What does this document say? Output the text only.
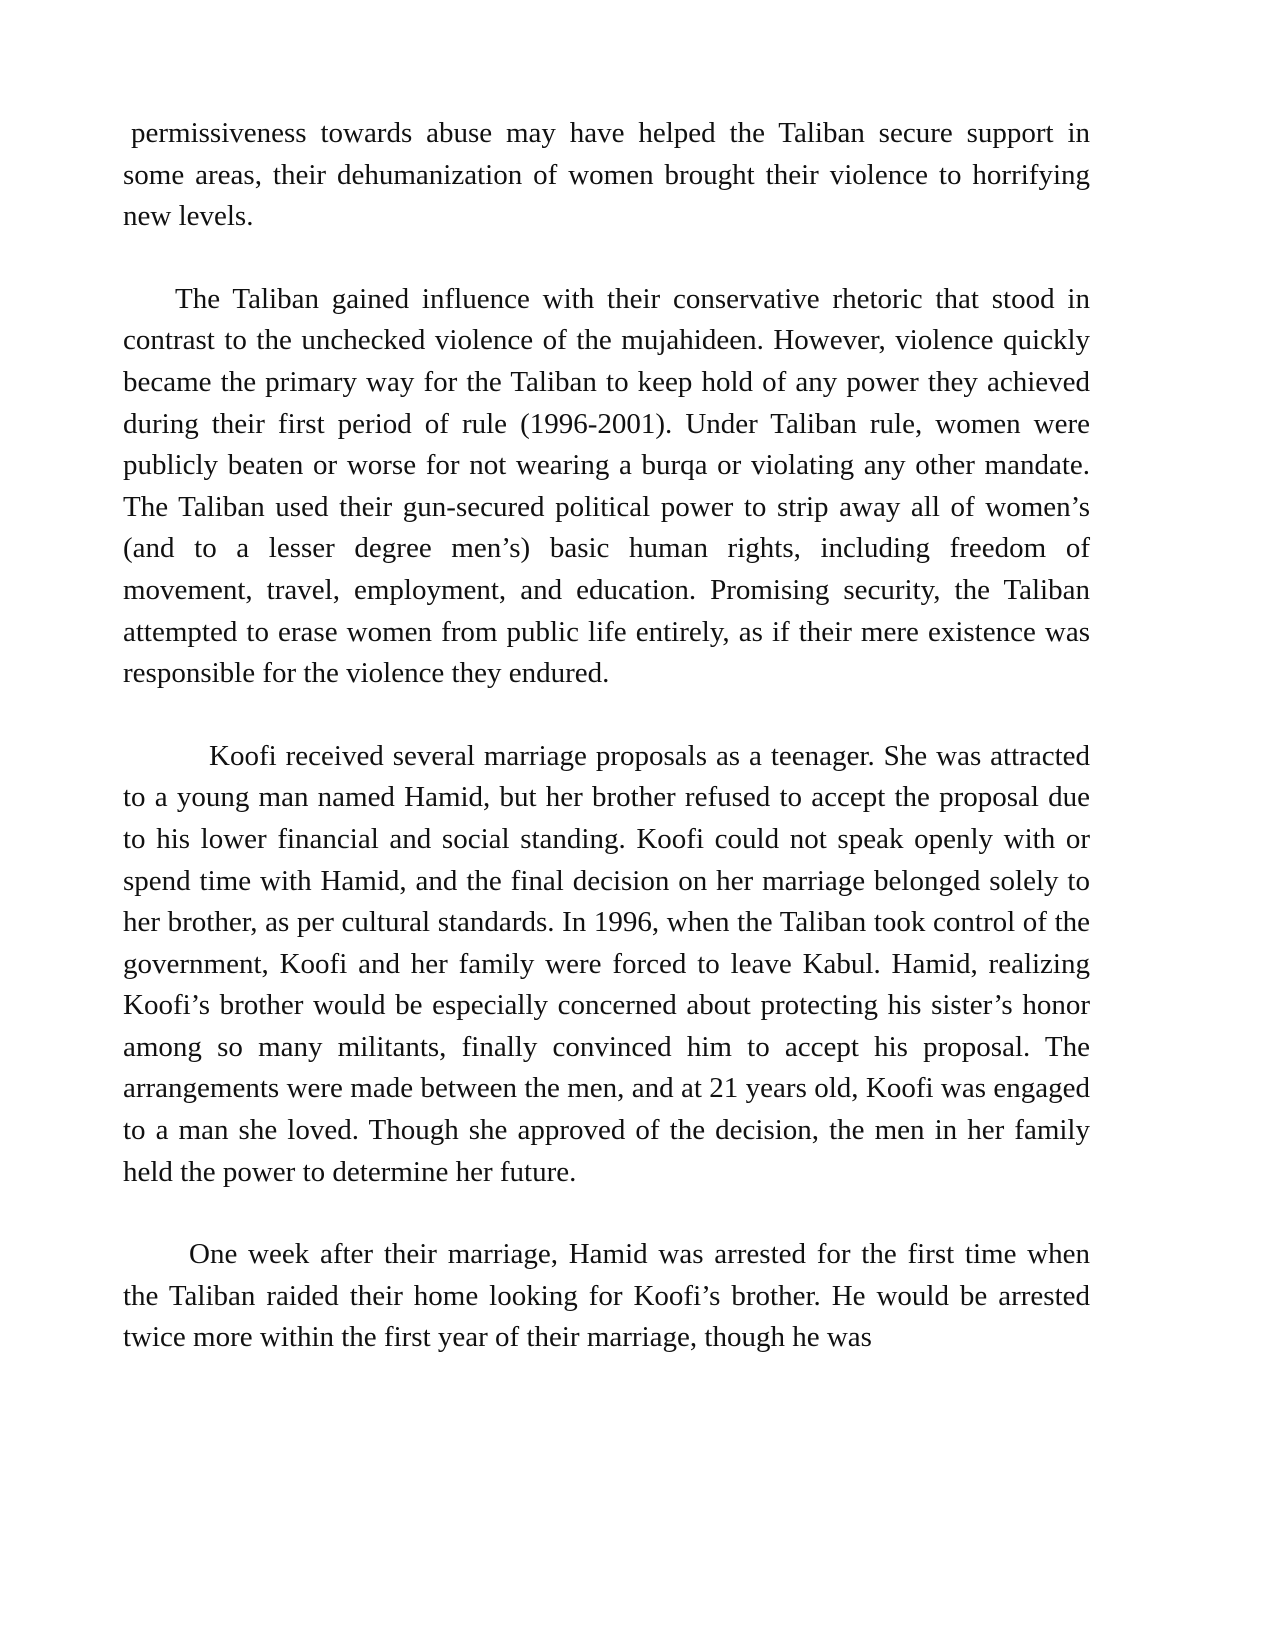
permissiveness towards abuse may have helped the Taliban secure support in some areas, their dehumanization of women brought their violence to horrifying new levels.

The Taliban gained influence with their conservative rhetoric that stood in contrast to the unchecked violence of the mujahideen. However, violence quickly became the primary way for the Taliban to keep hold of any power they achieved during their first period of rule (1996-2001). Under Taliban rule, women were publicly beaten or worse for not wearing a burqa or violating any other mandate. The Taliban used their gun-secured political power to strip away all of women’s (and to a lesser degree men’s) basic human rights, including freedom of movement, travel, employment, and education. Promising security, the Taliban attempted to erase women from public life entirely, as if their mere existence was responsible for the violence they endured.

Koofi received several marriage proposals as a teenager. She was attracted to a young man named Hamid, but her brother refused to accept the proposal due to his lower financial and social standing. Koofi could not speak openly with or spend time with Hamid, and the final decision on her marriage belonged solely to her brother, as per cultural standards. In 1996, when the Taliban took control of the government, Koofi and her family were forced to leave Kabul. Hamid, realizing Koofi’s brother would be especially concerned about protecting his sister’s honor among so many militants, finally convinced him to accept his proposal. The arrangements were made between the men, and at 21 years old, Koofi was engaged to a man she loved. Though she approved of the decision, the men in her family held the power to determine her future.

One week after their marriage, Hamid was arrested for the first time when the Taliban raided their home looking for Koofi’s brother. He would be arrested twice more within the first year of their marriage, though he was
